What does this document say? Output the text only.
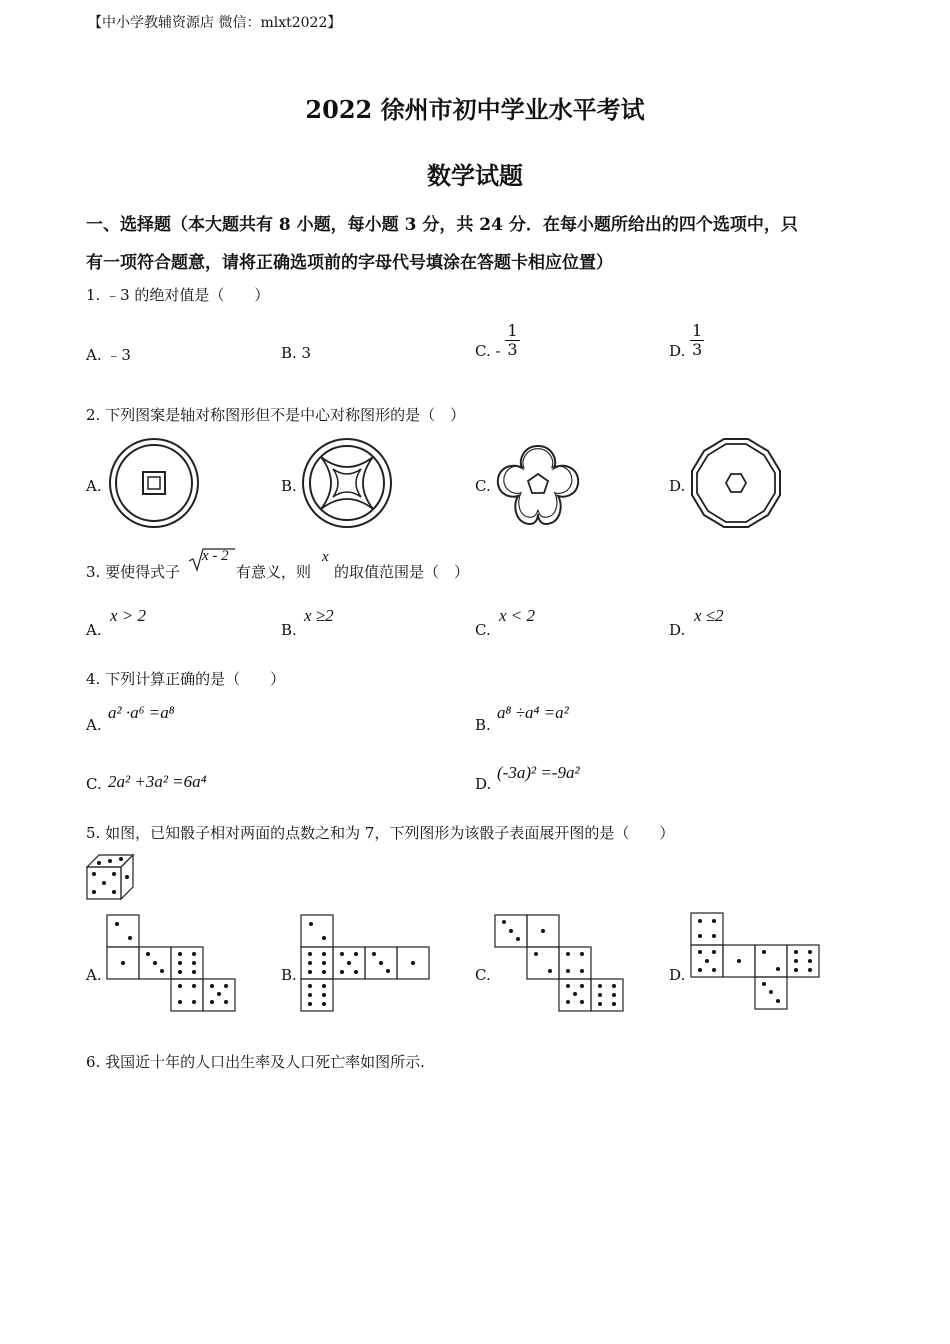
【中小学教辅资源店 微信：mlxt2022】
2022 徐州市初中学业水平考试
数学试题
一、选择题（本大题共有 8 小题，每小题 3 分，共 24 分．在每小题所给出的四个选项中，只
有一项符合题意，请将正确选项前的字母代号填涂在答题卡相应位置）
1. ﹣3 的绝对值是（　　）
A. ﹣3	B. 3	C. - $\frac{1}{3}$	D. $\frac{1}{3}$
2. 下列图案是轴对称图形但不是中心对称图形的是（　）
A.	B.	C.	D.
3. 要使得式子
x - 2
有意义，则
x
的取值范围是（　）
A.
x > 2
B.
x ≥2
C.
x < 2
D.
x ≤2
4. 下列计算正确的是（　　）
A.
a² ·a⁶ =a⁸
B.
a⁸ ÷a⁴ =a²
C. 2a² +3a² =6a⁴	D.
(-3a)² =-9a²
5. 如图，已知骰子相对两面的点数之和为 7，下列图形为该骰子表面展开图的是（　　）
A.	B.	C.	D.
6. 我国近十年的人口出生率及人口死亡率如图所示.
